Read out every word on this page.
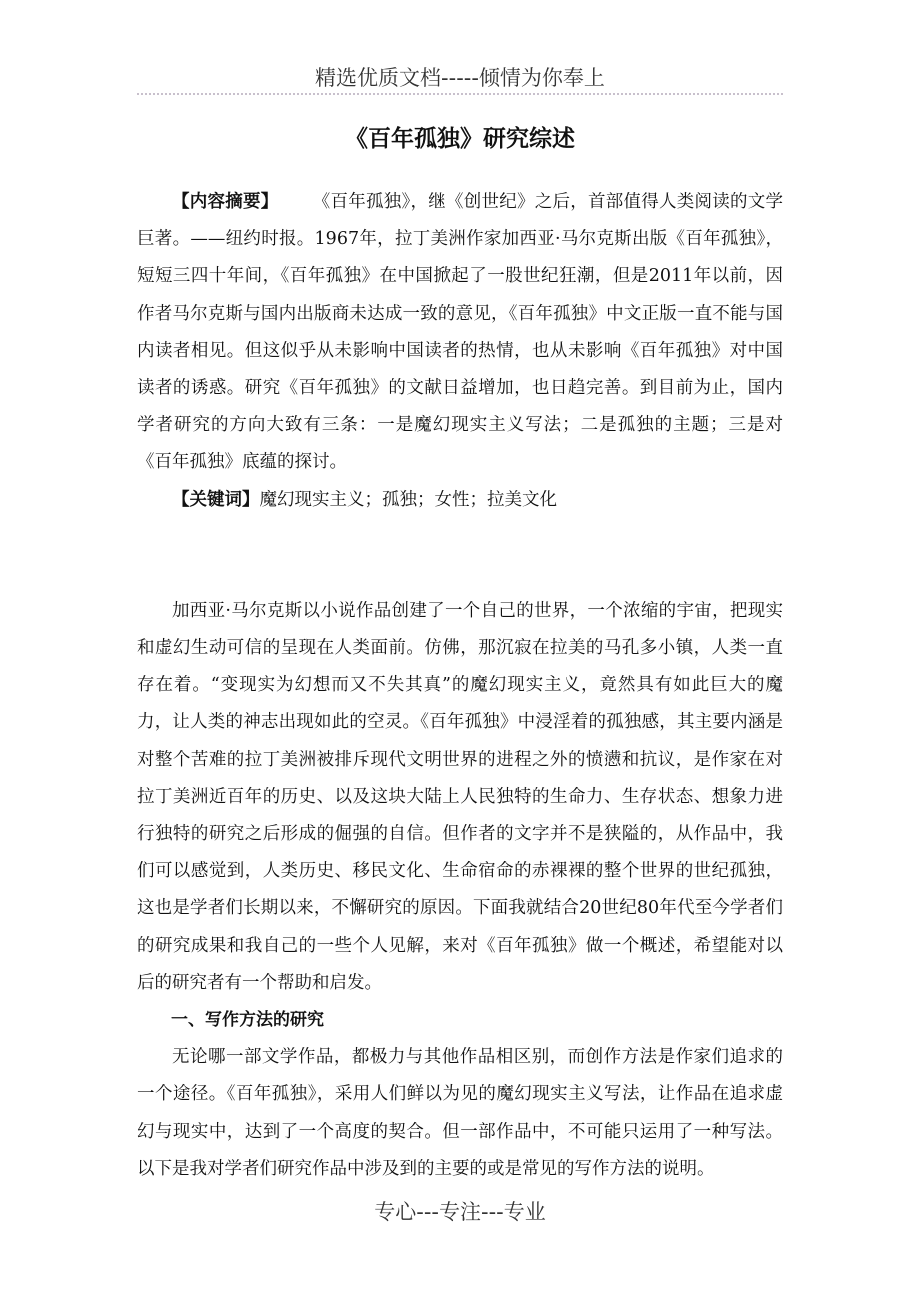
精选优质文档-----倾情为你奉上
《百年孤独》研究综述

【内容摘要】 《百年孤独》，继《创世纪》之后，首部值得人类阅读的文学巨著。——纽约时报。1967年，拉丁美洲作家加西亚·马尔克斯出版《百年孤独》，短短三四十年间，《百年孤独》在中国掀起了一股世纪狂潮，但是2011年以前，因作者马尔克斯与国内出版商未达成一致的意见，《百年孤独》中文正版一直不能与国内读者相见。但这似乎从未影响中国读者的热情，也从未影响《百年孤独》对中国读者的诱惑。研究《百年孤独》的文献日益增加，也日趋完善。到目前为止，国内学者研究的方向大致有三条：一是魔幻现实主义写法；二是孤独的主题；三是对《百年孤独》底蕴的探讨。

【关键词】魔幻现实主义；孤独；女性；拉美文化

加西亚·马尔克斯以小说作品创建了一个自己的世界，一个浓缩的宇宙，把现实和虚幻生动可信的呈现在人类面前。仿佛，那沉寂在拉美的马孔多小镇，人类一直存在着。“变现实为幻想而又不失其真”的魔幻现实主义，竟然具有如此巨大的魔力，让人类的神志出现如此的空灵。《百年孤独》中浸淫着的孤独感，其主要内涵是对整个苦难的拉丁美洲被排斥现代文明世界的进程之外的愤懑和抗议，是作家在对拉丁美洲近百年的历史、以及这块大陆上人民独特的生命力、生存状态、想象力进行独特的研究之后形成的倔强的自信。但作者的文字并不是狭隘的，从作品中，我们可以感觉到，人类历史、移民文化、生命宿命的赤裸裸的整个世界的世纪孤独，这也是学者们长期以来，不懈研究的原因。下面我就结合20世纪80年代至今学者们的研究成果和我自己的一些个人见解，来对《百年孤独》做一个概述，希望能对以后的研究者有一个帮助和启发。

一、写作方法的研究

无论哪一部文学作品，都极力与其他作品相区别，而创作方法是作家们追求的一个途径。《百年孤独》，采用人们鲜以为见的魔幻现实主义写法，让作品在追求虚幻与现实中，达到了一个高度的契合。但一部作品中，不可能只运用了一种写法。以下是我对学者们研究作品中涉及到的主要的或是常见的写作方法的说明。

专心---专注---专业
